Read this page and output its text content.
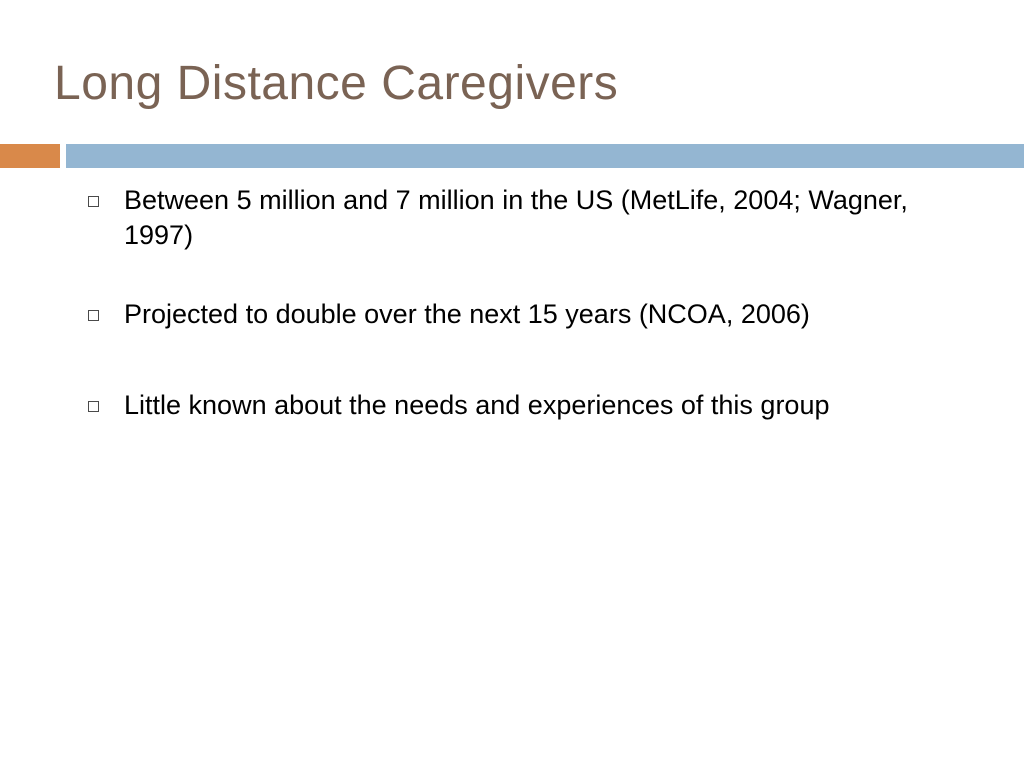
Long Distance Caregivers
Between 5 million and 7 million in the US (MetLife, 2004; Wagner, 1997)
Projected to double over the next 15 years (NCOA, 2006)
Little known about the needs and experiences of this group
